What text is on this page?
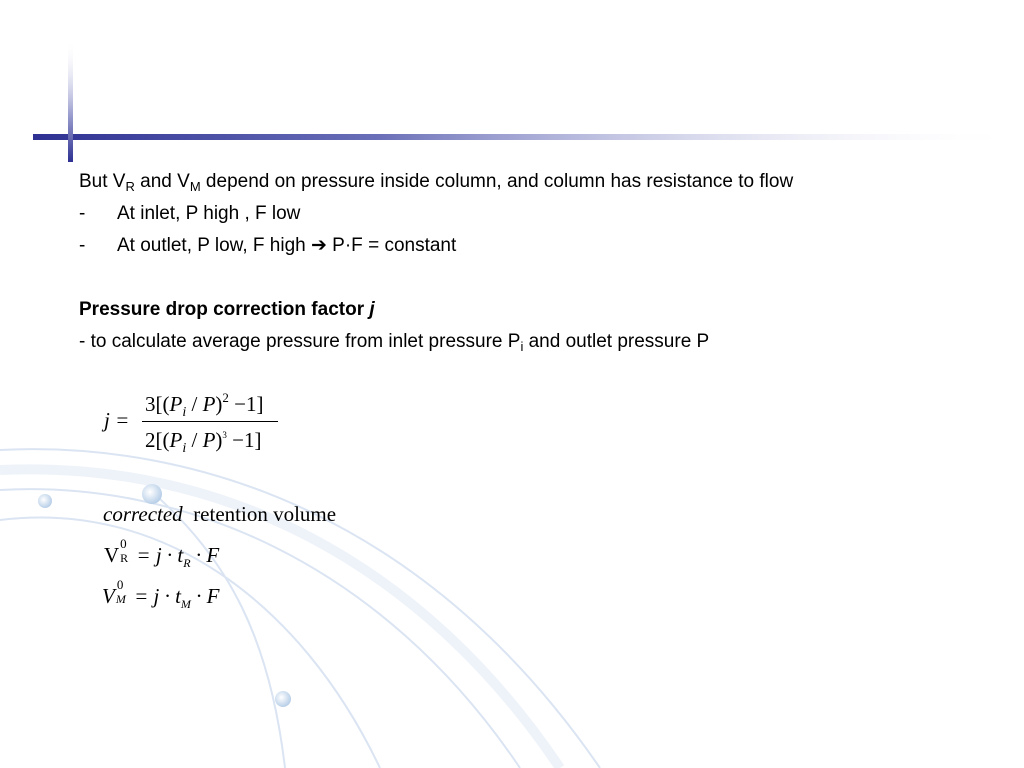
But $V_R$ and $V_M$ depend on pressure inside column, and column has resistance to flow
- At inlet, P high , F low
- At outlet, P low, F high ➔ P·F = constant
Pressure drop correction factor j
- to calculate average pressure from inlet pressure $P_i$ and outlet pressure P
j =
$3[(P_i / P)^2 -1]$
$2[(P_i / P)^3 -1]$
corrected retention volume
V 0
$R = j \cdot t_R \cdot F$
V 0
$M = j \cdot t_M \cdot F$
